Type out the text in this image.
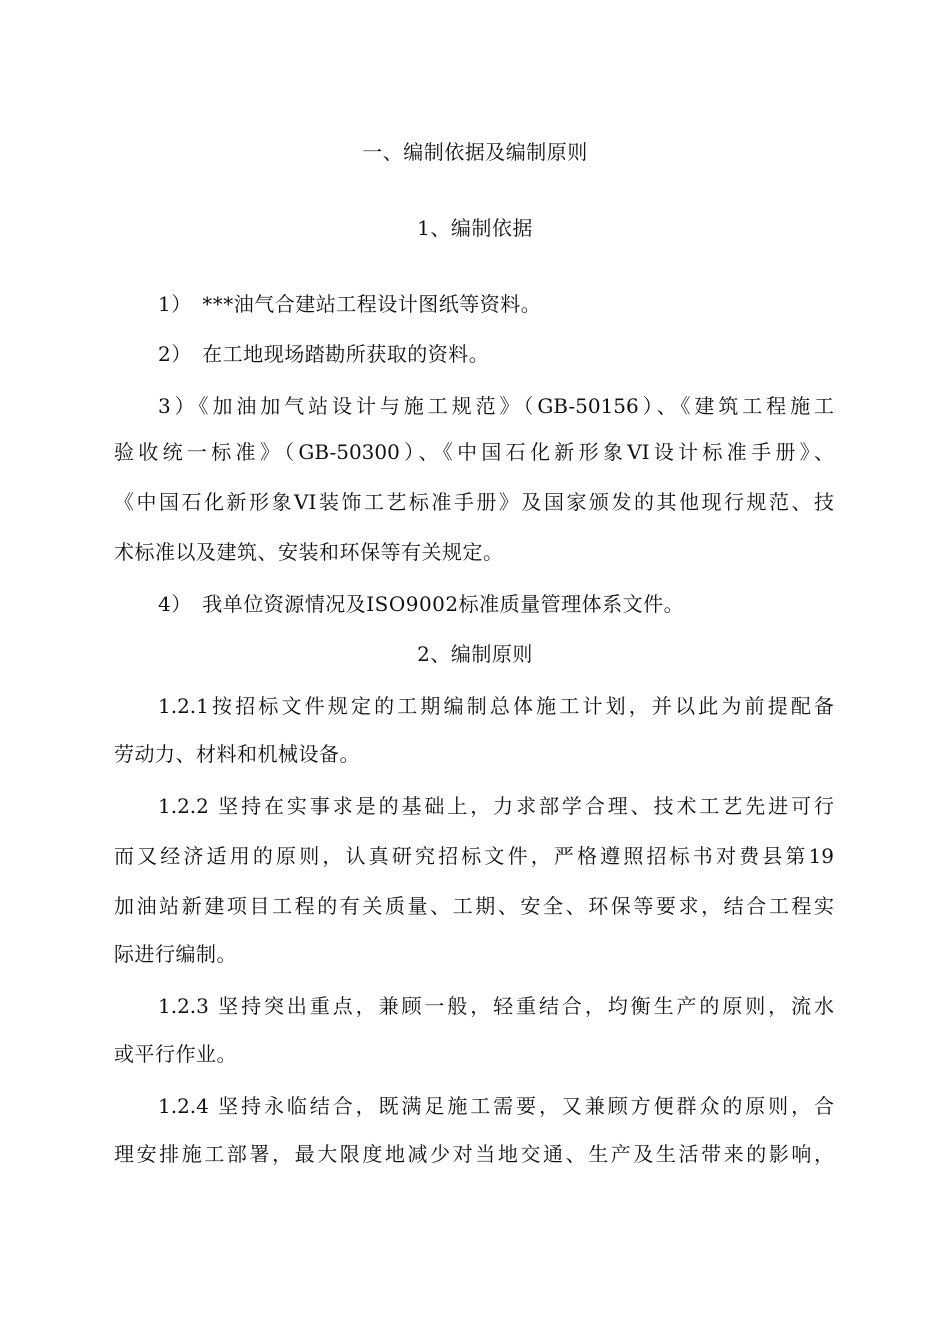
一、编制依据及编制原则
1、编制依据
1）　***油气合建站工程设计图纸等资料。
2）　在工地现场踏勘所获取的资料。
3）《加油加气站设计与施工规范》（GB-50156）、《建筑工程施工
验收统一标准》（GB-50300）、《中国石化新形象VI设计标准手册》、
《中国石化新形象VI装饰工艺标准手册》及国家颁发的其他现行规范、技
术标准以及建筑、安装和环保等有关规定。
4）　我单位资源情况及ISO9002标准质量管理体系文件。
2、编制原则
1.2.1按招标文件规定的工期编制总体施工计划，并以此为前提配备
劳动力、材料和机械设备。
1.2.2 坚持在实事求是的基础上，力求部学合理、技术工艺先进可行
而又经济适用的原则，认真研究招标文件，严格遵照招标书对费县第19
加油站新建项目工程的有关质量、工期、安全、环保等要求，结合工程实
际进行编制。
1.2.3 坚持突出重点，兼顾一般，轻重结合，均衡生产的原则，流水
或平行作业。
1.2.4 坚持永临结合，既满足施工需要，又兼顾方便群众的原则，合
理安排施工部署，最大限度地减少对当地交通、生产及生活带来的影响，
